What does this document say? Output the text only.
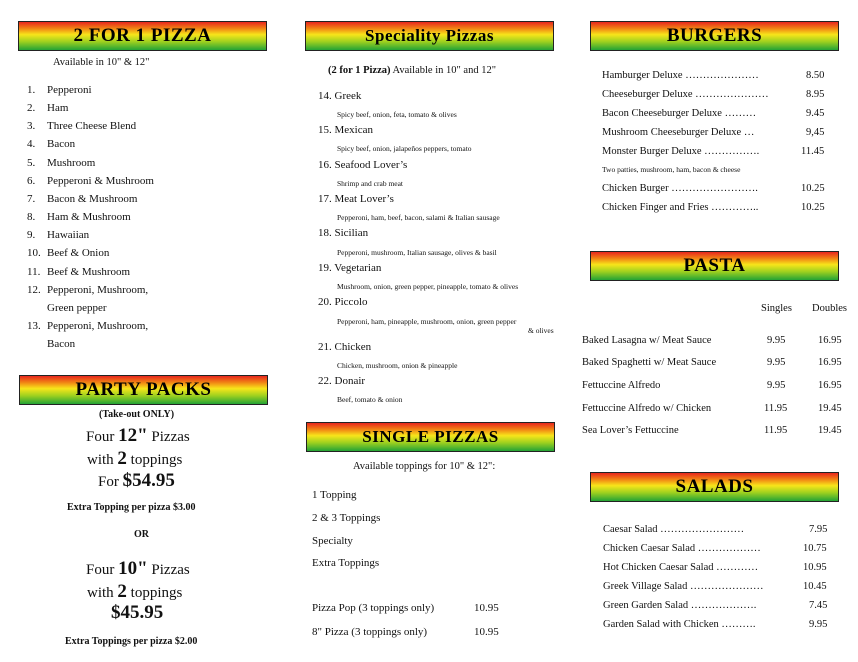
2 FOR 1 PIZZA
Available in 10" & 12"
1. Pepperoni
2. Ham
3. Three Cheese Blend
4. Bacon
5. Mushroom
6. Pepperoni & Mushroom
7. Bacon & Mushroom
8. Ham & Mushroom
9. Hawaiian
10. Beef & Onion
11. Beef & Mushroom
12. Pepperoni, Mushroom,
Green pepper
13. Pepperoni, Mushroom,
Bacon
PARTY PACKS
(Take-out ONLY)
Four 12" Pizzas
with 2 toppings
For $54.95
Extra Topping per pizza $3.00
OR
Four 10" Pizzas
with 2 toppings
$45.95
Extra Toppings per pizza $2.00
Speciality Pizzas
(2 for 1 Pizza) Available in 10" and 12"
14. Greek
Spicy beef, onion, feta, tomato & olives
15. Mexican
Spicy beef, onion, jalapeños peppers, tomato
16. Seafood Lover’s
Shrimp and crab meat
17. Meat Lover’s
Pepperoni, ham, beef, bacon, salami & Italian sausage
18. Sicilian
Pepperoni, mushroom, Italian sausage, olives & basil
19. Vegetarian
Mushroom, onion, green pepper, pineapple, tomato & olives
20. Piccolo
Pepperoni, ham, pineapple, mushroom, onion, green pepper
& olives
21. Chicken
Chicken, mushroom, onion & pineapple
22. Donair
Beef, tomato & onion
SINGLE PIZZAS
Available toppings for 10" & 12":
1 Topping
2 & 3 Toppings
Specialty
Extra Toppings
Pizza Pop (3 toppings only)	10.95
8" Pizza (3 toppings only)	10.95
BURGERS
Hamburger Deluxe …………………	8.50
Cheeseburger Deluxe …………………	8.95
Bacon Cheeseburger Deluxe ………	9.45
Mushroom Cheeseburger Deluxe …	9,45
Monster Burger Deluxe …………….	11.45
Two patties, mushroom, ham, bacon & cheese
Chicken Burger …………………….	10.25
Chicken Finger and Fries …………..	10.25
PASTA
Singles Doubles
Baked Lasagna w/ Meat Sauce	9.95	16.95
Baked Spaghetti w/ Meat Sauce	9.95	16.95
Fettuccine Alfredo	9.95	16.95
Fettuccine Alfredo w/ Chicken	11.95	19.45
Sea Lover’s Fettuccine	11.95	19.45
SALADS
Caesar Salad ……………………	7.95
Chicken Caesar Salad ………………	10.75
Hot Chicken Caesar Salad …………	10.95
Greek Village Salad …………………	10.45
Green Garden Salad ……………….	7.45
Garden Salad with Chicken ……….	9.95
